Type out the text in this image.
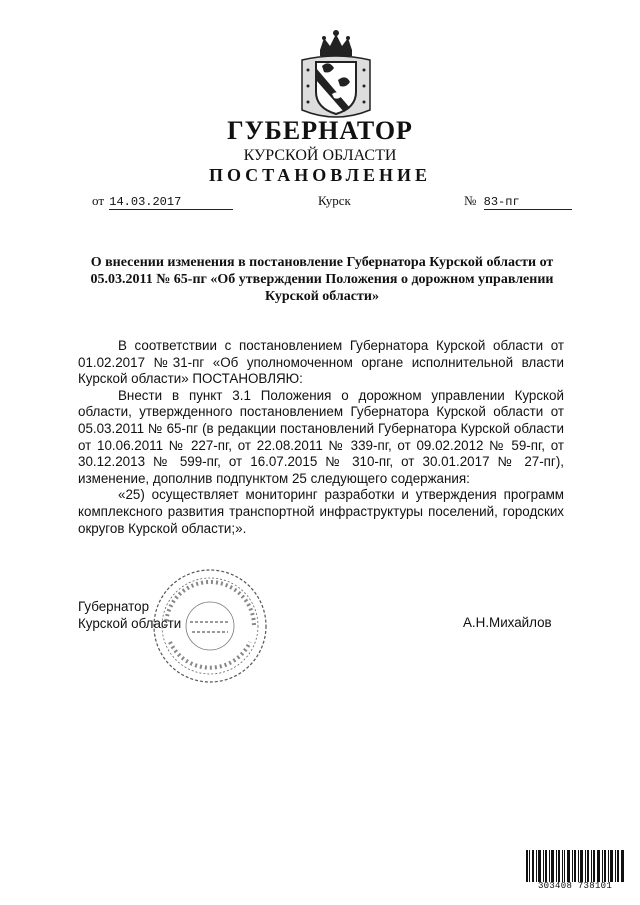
ГУБЕРНАТОР
КУРСКОЙ ОБЛАСТИ
ПОСТАНОВЛЕНИЕ
от 14.03.2017	Курск	№ 83-пг

О внесении изменения в постановление Губернатора Курской области от 05.03.2011 № 65-пг «Об утверждении Положения о дорожном управлении Курской области»

В соответствии с постановлением Губернатора Курской области от 01.02.2017 №31-пг «Об уполномоченном органе исполнительной власти Курской области» ПОСТАНОВЛЯЮ:

Внести в пункт 3.1 Положения о дорожном управлении Курской области, утвержденного постановлением Губернатора Курской области от 05.03.2011 № 65-пг (в редакции постановлений Губернатора Курской области от 10.06.2011 № 227-пг, от 22.08.2011 № 339-пг, от 09.02.2012 № 59-пг, от 30.12.2013 № 599-пг, от 16.07.2015 № 310-пг, от 30.01.2017 № 27-пг), изменение, дополнив подпунктом 25 следующего содержания:

«25) осуществляет мониторинг разработки и утверждения программ комплексного развития транспортной инфраструктуры поселений, городских округов Курской области;».

Губернатор
Курской области	А.Н.Михайлов
303408 738101
